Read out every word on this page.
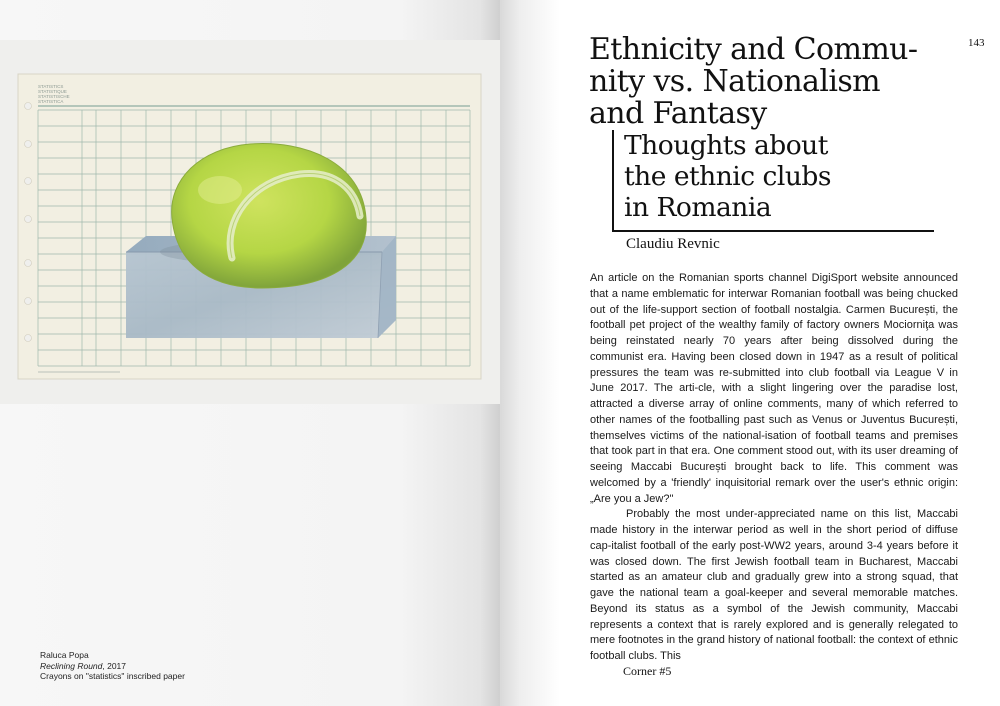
STATISTICS
STATISTIQUE
STATISTISCHE
STATISTICA
Raluca Popa
Reclining Round, 2017
Crayons on "statistics" inscribed paper
143
Ethnicity and Commu-
nity vs. Nationalism
and Fantasy
Thoughts about
the ethnic clubs
in Romania
Claudiu Revnic

An article on the Romanian sports channel DigiSport website announced that a name emblematic for interwar Romanian football was being chucked out of the life-support section of football nostalgia. Carmen București, the football pet project of the wealthy family of factory owners Mociorniţa was being reinstated nearly 70 years after being dissolved during the communist era. Having been closed down in 1947 as a result of political pressures the team was re-submitted into club football via League V in June 2017. The arti-cle, with a slight lingering over the paradise lost, attracted a diverse array of online comments, many of which referred to other names of the footballing past such as Venus or Juventus București, themselves victims of the national-isation of football teams and premises that took part in that era. One comment stood out, with its user dreaming of seeing Maccabi București brought back to life. This comment was welcomed by a 'friendly' inquisitorial remark over the user's ethnic origin: „Are you a Jew?"

Probably the most under-appreciated name on this list, Maccabi made history in the interwar period as well in the short period of diffuse cap-italist football of the early post-WW2 years, around 3-4 years before it was closed down. The first Jewish football team in Bucharest, Maccabi started as an amateur club and gradually grew into a strong squad, that gave the national team a goal-keeper and several memorable matches. Beyond its status as a symbol of the Jewish community, Maccabi represents a context that is rarely explored and is generally relegated to mere footnotes in the grand history of national football: the context of ethnic football clubs. This

Corner #5
